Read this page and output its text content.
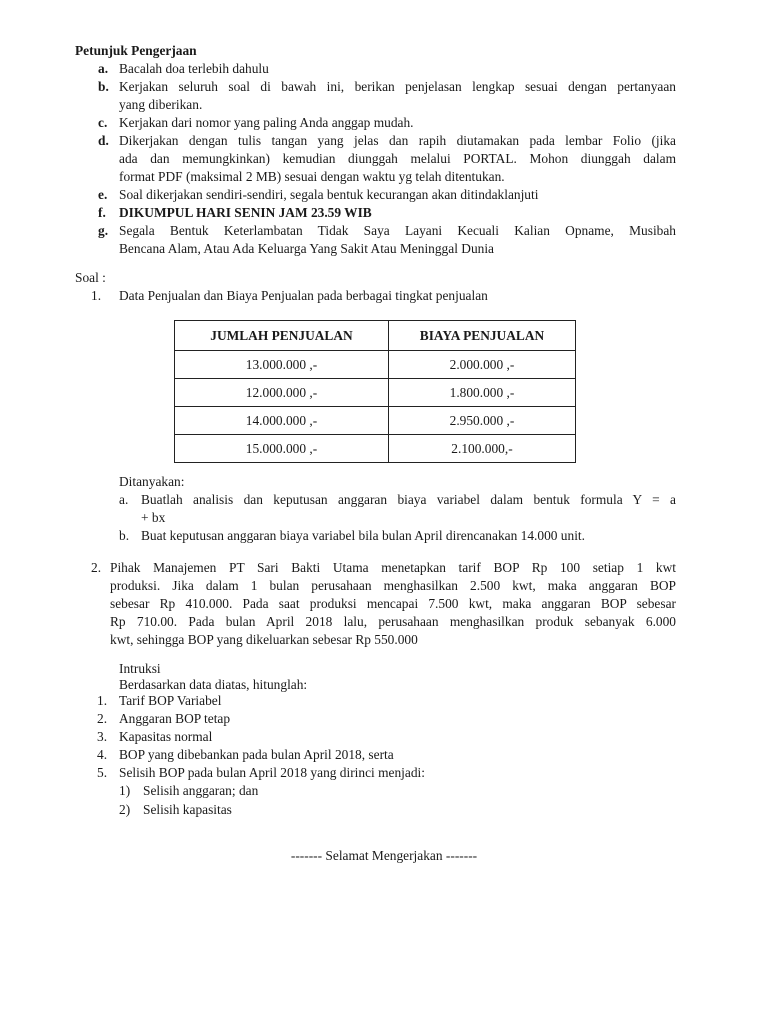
Petunjuk Pengerjaan
a. Bacalah doa terlebih dahulu
b. Kerjakan seluruh soal di bawah ini, berikan penjelasan lengkap sesuai dengan pertanyaan
yang diberikan.
c. Kerjakan dari nomor yang paling Anda anggap mudah.
d. Dikerjakan dengan tulis tangan yang jelas dan rapih diutamakan pada lembar Folio (jika
ada dan memungkinkan) kemudian diunggah melalui PORTAL. Mohon diunggah dalam
format PDF (maksimal 2 MB) sesuai dengan waktu yg telah ditentukan.
e. Soal dikerjakan sendiri-sendiri, segala bentuk kecurangan akan ditindaklanjuti
f. DIKUMPUL HARI SENIN JAM 23.59 WIB
g. Segala Bentuk Keterlambatan Tidak Saya Layani Kecuali Kalian Opname, Musibah
Bencana Alam, Atau Ada Keluarga Yang Sakit Atau Meninggal Dunia
Soal :
1. Data Penjualan dan Biaya Penjualan pada berbagai tingkat penjualan
JUMLAH PENJUALAN	BIAYA PENJUALAN
13.000.000 ,-	2.000.000 ,-
12.000.000 ,-	1.800.000 ,-
14.000.000 ,-	2.950.000 ,-
15.000.000 ,-	2.100.000,-
Ditanyakan:
a. Buatlah analisis dan keputusan anggaran biaya variabel dalam bentuk formula Y = a
+ bx
b. Buat keputusan anggaran biaya variabel bila bulan April direncanakan 14.000 unit.
2. Pihak Manajemen PT Sari Bakti Utama menetapkan tarif BOP Rp 100 setiap 1 kwt
produksi. Jika dalam 1 bulan perusahaan menghasilkan 2.500 kwt, maka anggaran BOP
sebesar Rp 410.000. Pada saat produksi mencapai 7.500 kwt, maka anggaran BOP sebesar
Rp 710.00. Pada bulan April 2018 lalu, perusahaan menghasilkan produk sebanyak 6.000
kwt, sehingga BOP yang dikeluarkan sebesar Rp 550.000
Intruksi
Berdasarkan data diatas, hitunglah:
1. Tarif BOP Variabel
2. Anggaran BOP tetap
3. Kapasitas normal
4. BOP yang dibebankan pada bulan April 2018, serta
5. Selisih BOP pada bulan April 2018 yang dirinci menjadi:
1) Selisih anggaran; dan
2) Selisih kapasitas
------- Selamat Mengerjakan -------
